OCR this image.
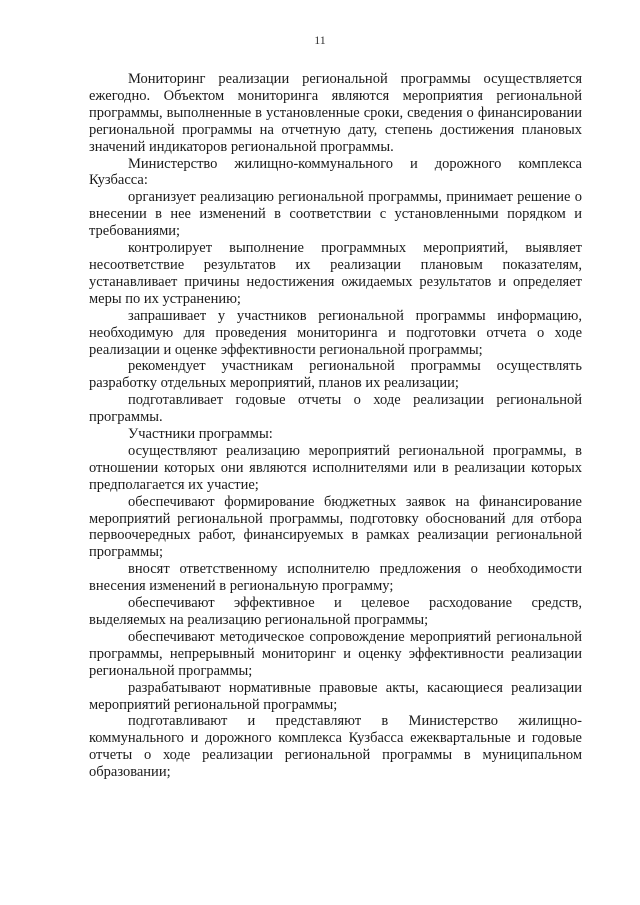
11

Мониторинг реализации региональной программы осуществляется ежегодно. Объектом мониторинга являются мероприятия региональной программы, выполненные в установленные сроки, сведения о финансировании региональной программы на отчетную дату, степень достижения плановых значений индикаторов региональной программы.

Министерство жилищно-коммунального и дорожного комплекса Кузбасса:

организует реализацию региональной программы, принимает решение о внесении в нее изменений в соответствии с установленными порядком и требованиями;

контролирует выполнение программных мероприятий, выявляет несоответствие результатов их реализации плановым показателям, устанавливает причины недостижения ожидаемых результатов и определяет меры по их устранению;

запрашивает у участников региональной программы информацию, необходимую для проведения мониторинга и подготовки отчета о ходе реализации и оценке эффективности региональной программы;

рекомендует участникам региональной программы осуществлять разработку отдельных мероприятий, планов их реализации;

подготавливает годовые отчеты о ходе реализации региональной программы.

Участники программы:

осуществляют реализацию мероприятий региональной программы, в отношении которых они являются исполнителями или в реализации которых предполагается их участие;

обеспечивают формирование бюджетных заявок на финансирование мероприятий региональной программы, подготовку обоснований для отбора первоочередных работ, финансируемых в рамках реализации региональной программы;

вносят ответственному исполнителю предложения о необходимости внесения изменений в региональную программу;

обеспечивают эффективное и целевое расходование средств, выделяемых на реализацию региональной программы;

обеспечивают методическое сопровождение мероприятий региональной программы, непрерывный мониторинг и оценку эффективности реализации региональной программы;

разрабатывают нормативные правовые акты, касающиеся реализации мероприятий региональной программы;

подготавливают и представляют в Министерство жилищно-коммунального и дорожного комплекса Кузбасса ежеквартальные и годовые отчеты о ходе реализации региональной программы в муниципальном образовании;
